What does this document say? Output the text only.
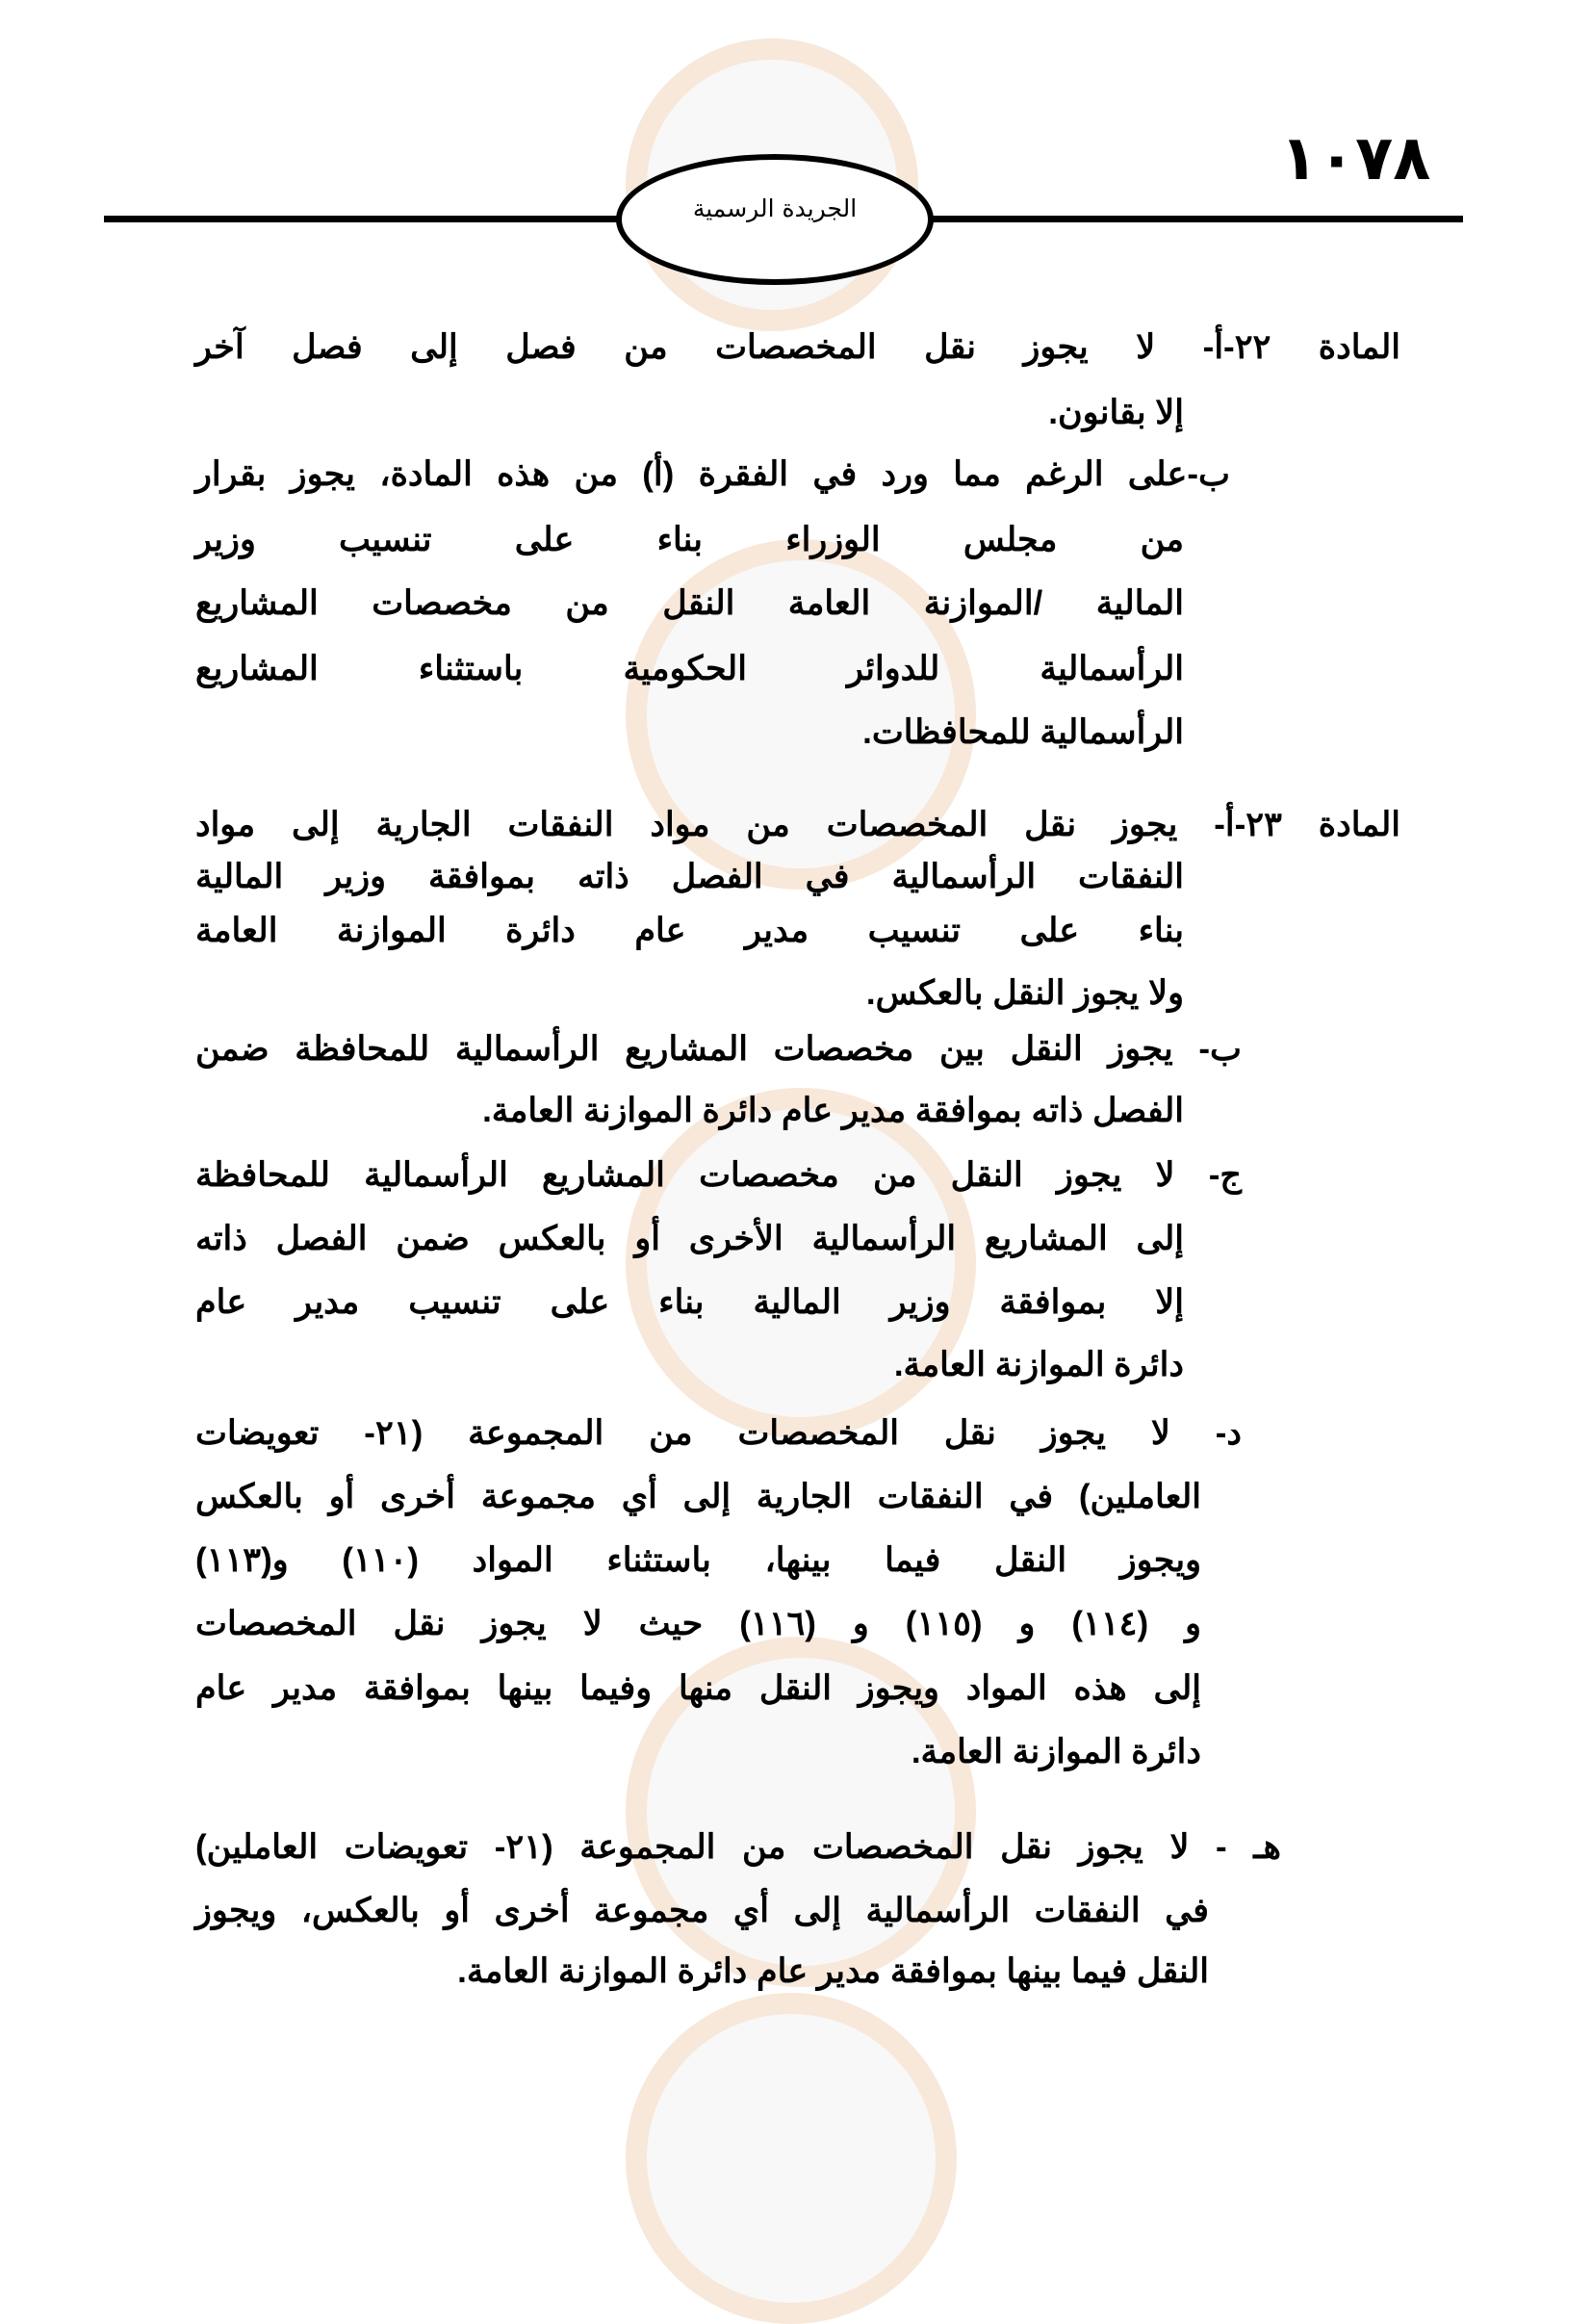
١٠٧٨
الجريدة الرسمية
المادة ٢٢-أ- لا يجوز نقل المخصصات من فصل إلى فصل آخر
إلا بقانون.
ب-على الرغم مما ورد في الفقرة (أ) من هذه المادة، يجوز بقرار
من مجلس الوزراء بناء على تنسيب وزير
المالية /الموازنة العامة النقل من مخصصات المشاريع
الرأسمالية للدوائر الحكومية باستثناء المشاريع
الرأسمالية للمحافظات.
المادة ٢٣-أ- يجوز نقل المخصصات من مواد النفقات الجارية إلى مواد
النفقات الرأسمالية في الفصل ذاته بموافقة وزير المالية
بناء على تنسيب مدير عام دائرة الموازنة العامة
ولا يجوز النقل بالعكس.
ب- يجوز النقل بين مخصصات المشاريع الرأسمالية للمحافظة ضمن
الفصل ذاته بموافقة مدير عام دائرة الموازنة العامة.
ج- لا يجوز النقل من مخصصات المشاريع الرأسمالية للمحافظة
إلى المشاريع الرأسمالية الأخرى أو بالعكس ضمن الفصل ذاته
إلا بموافقة وزير المالية بناء على تنسيب مدير عام
دائرة الموازنة العامة.
د- لا يجوز نقل المخصصات من المجموعة (٢١- تعويضات
العاملين) في النفقات الجارية إلى أي مجموعة أخرى أو بالعكس
ويجوز النقل فيما بينها، باستثناء المواد (١١٠) و(١١٣)
و (١١٤) و (١١٥) و (١١٦) حيث لا يجوز نقل المخصصات
إلى هذه المواد ويجوز النقل منها وفيما بينها بموافقة مدير عام
دائرة الموازنة العامة.
هـ - لا يجوز نقل المخصصات من المجموعة (٢١- تعويضات العاملين)
في النفقات الرأسمالية إلى أي مجموعة أخرى أو بالعكس، ويجوز
النقل فيما بينها بموافقة مدير عام دائرة الموازنة العامة.
